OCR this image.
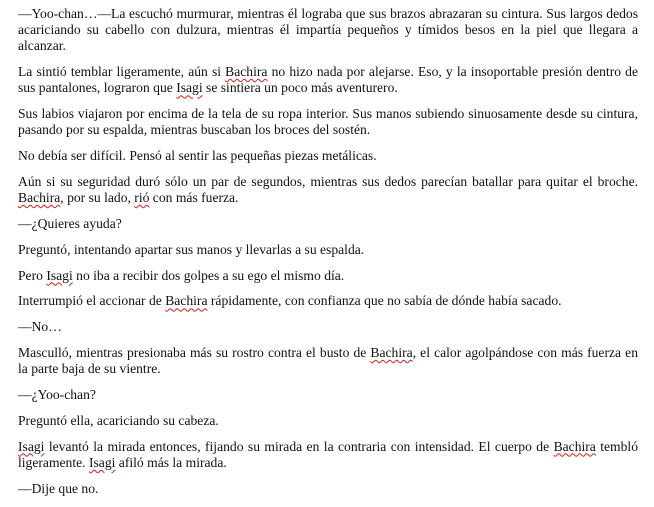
—Yoo-chan…—La escuchó murmurar, mientras él lograba que sus brazos abrazaran su cintura. Sus largos dedos acariciando su cabello con dulzura, mientras él impartía pequeños y tímidos besos en la piel que llegara a alcanzar.

La sintió temblar ligeramente, aún si Bachira no hizo nada por alejarse. Eso, y la insoportable presión dentro de sus pantalones, lograron que Isagi se sintiera un poco más aventurero.

Sus labios viajaron por encima de la tela de su ropa interior. Sus manos subiendo sinuosamente desde su cintura, pasando por su espalda, mientras buscaban los broces del sostén.

No debía ser difícil. Pensó al sentir las pequeñas piezas metálicas.

Aún si su seguridad duró sólo un par de segundos, mientras sus dedos parecían batallar para quitar el broche. Bachira, por su lado, rió con más fuerza.

—¿Quieres ayuda?

Preguntó, intentando apartar sus manos y llevarlas a su espalda.

Pero Isagi no iba a recibir dos golpes a su ego el mismo día.

Interrumpió el accionar de Bachira rápidamente, con confianza que no sabía de dónde había sacado.

—No…

Masculló, mientras presionaba más su rostro contra el busto de Bachira, el calor agolpándose con más fuerza en la parte baja de su vientre.

—¿Yoo-chan?

Preguntó ella, acariciando su cabeza.

Isagi levantó la mirada entonces, fijando su mirada en la contraria con intensidad. El cuerpo de Bachira tembló ligeramente. Isagi afiló más la mirada.

—Dije que no.
